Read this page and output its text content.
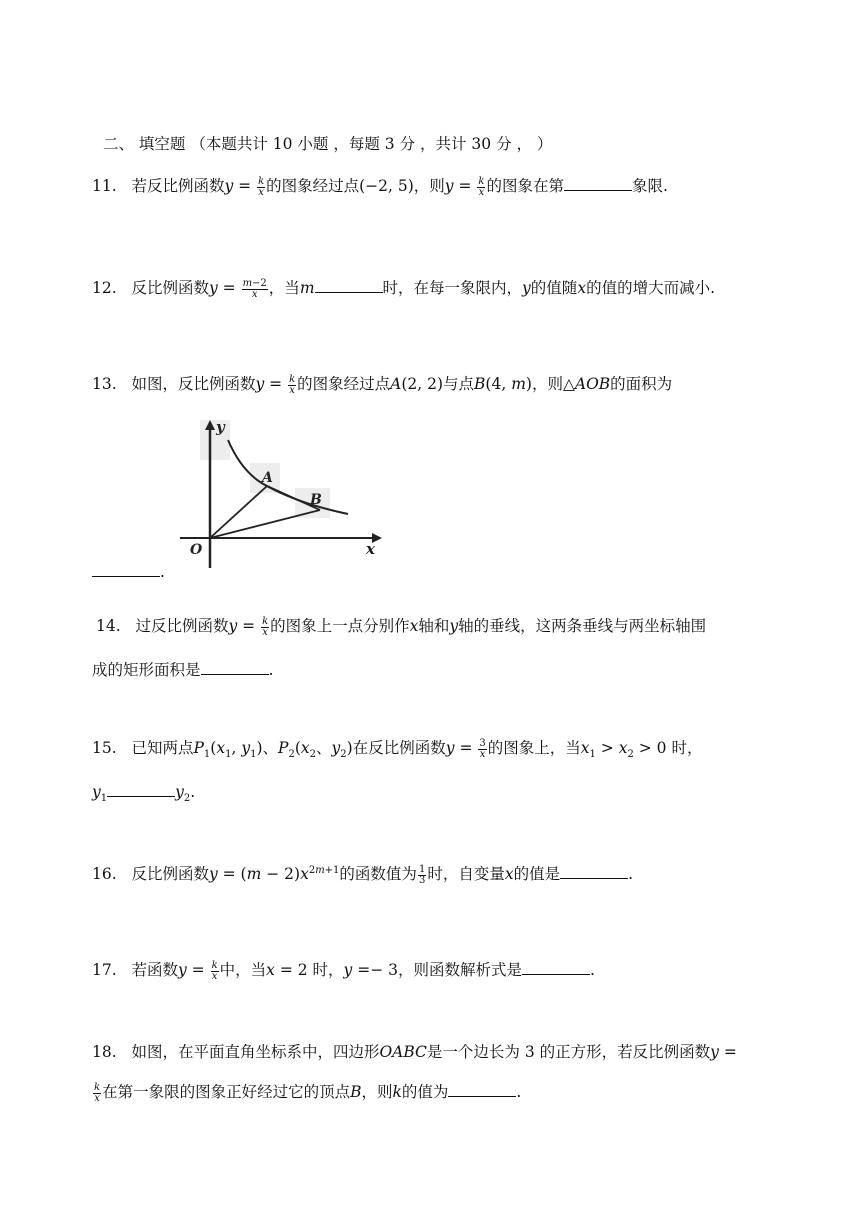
二、 填空题 （本题共计 10 小题 ，每题 3 分 ，共计 30 分 ， ）
11. 若反比例函数$y = \frac{k}{x}$ 的图象经过点(−2, 5)，则$y = \frac{k}{x}$ 的图象在第	象限.
12. 反比例函数$y = \frac{m-2}{x}$ ，当m	时，在每一象限内，y的值随x的值的增大而减小.
13. 如图，反比例函数$y = \frac{k}{x}$ 的图象经过点A(2, 2)与点B(4, m)，则△AOB的面积为
y
x
O
A
B
.
14. 过反比例函数$y = \frac{k}{x}$ 的图象上一点分别作x轴和y轴的垂线，这两条垂线与两坐标轴围
成的矩形面积是	.
15. 已知两点$P_1(x_1$, $y_1$)、$P_2(x_2$、$y_2$)在反比例函数$y = \frac{3}{x}$ 的图象上，当$x_1 > x_2 > 0$ 时，
$y_1$	$y_2$.
16. 反比例函数$y = (m - 2)x^{2m+1}$的函数值为 $\frac{1}{3}$ 时，自变量x的值是	.
17. 若函数$y = \frac{k}{x}$ 中，当x = 2 时，y =− 3，则函数解析式是	.
18. 如图，在平面直角坐标系中，四边形OABC是一个边长为 3 的正方形，若反比例函数y =
$\frac{k}{x}$ 在第一象限的图象正好经过它的顶点B，则k的值为	.
